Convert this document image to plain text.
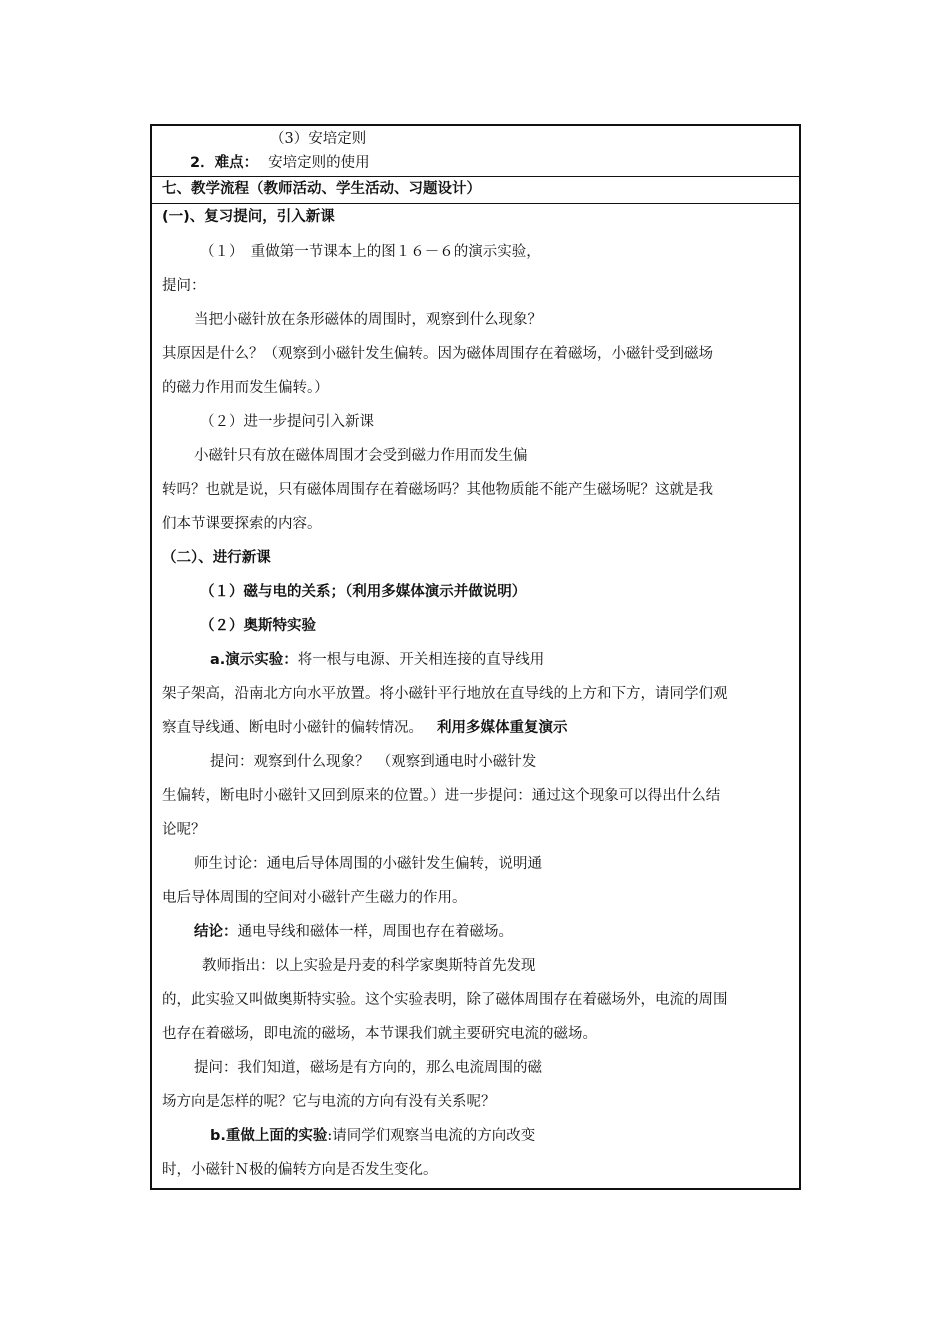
（3）安培定则
2．难点： 安培定则的使用
七、教学流程（教师活动、学生活动、习题设计）
(一)、复习提问，引入新课
（１）　重做第一节课本上的图１６－６的演示实验，
提问：
当把小磁针放在条形磁体的周围时，观察到什么现象？
其原因是什么？（观察到小磁针发生偏转。因为磁体周围存在着磁场，小磁针受到磁场
的磁力作用而发生偏转。）
（２）进一步提问引入新课
小磁针只有放在磁体周围才会受到磁力作用而发生偏
转吗？也就是说，只有磁体周围存在着磁场吗？其他物质能不能产生磁场呢？这就是我
们本节课要探索的内容。
（二）、进行新课
（１）磁与电的关系；（利用多媒体演示并做说明）
（２）奥斯特实验
a.演示实验：将一根与电源、开关相连接的直导线用
架子架高，沿南北方向水平放置。将小磁针平行地放在直导线的上方和下方，请同学们观
察直导线通、断电时小磁针的偏转情况。 利用多媒体重复演示
提问：观察到什么现象？　（观察到通电时小磁针发
生偏转，断电时小磁针又回到原来的位置。）进一步提问：通过这个现象可以得出什么结
论呢？
师生讨论：通电后导体周围的小磁针发生偏转，说明通
电后导体周围的空间对小磁针产生磁力的作用。
结论：通电导线和磁体一样，周围也存在着磁场。
教师指出：以上实验是丹麦的科学家奥斯特首先发现
的，此实验又叫做奥斯特实验。这个实验表明，除了磁体周围存在着磁场外，电流的周围
也存在着磁场，即电流的磁场，本节课我们就主要研究电流的磁场。
提问：我们知道，磁场是有方向的，那么电流周围的磁
场方向是怎样的呢？它与电流的方向有没有关系呢？
b.重做上面的实验:请同学们观察当电流的方向改变
时，小磁针Ｎ极的偏转方向是否发生变化。
